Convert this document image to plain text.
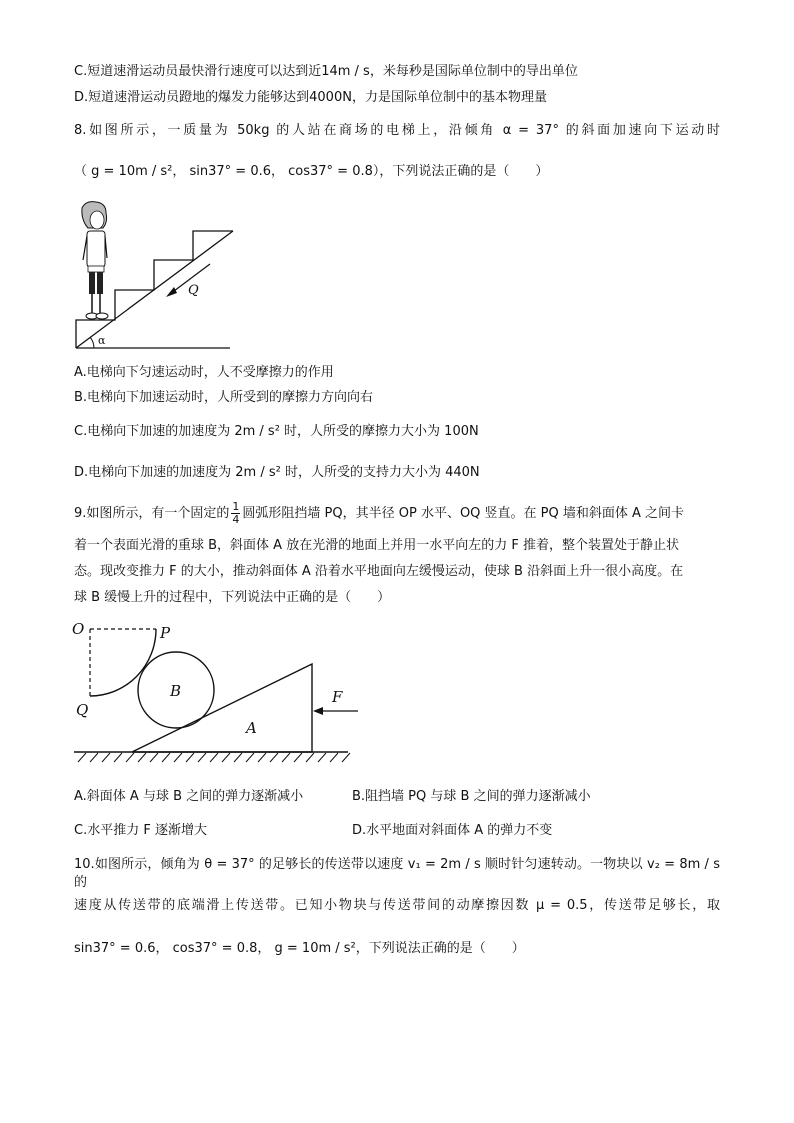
C.短道速滑运动员最快滑行速度可以达到近14m / s，米每秒是国际单位制中的导出单位
D.短道速滑运动员蹬地的爆发力能够达到4000N，力是国际单位制中的基本物理量
8.如图所示，一质量为 50kg 的人站在商场的电梯上，沿倾角 α = 37° 的斜面加速向下运动时
（ g = 10m / s²， sin37° = 0.6， cos37° = 0.8），下列说法正确的是（　　）
Q
α
A.电梯向下匀速运动时，人不受摩擦力的作用
B.电梯向下加速运动时，人所受到的摩擦力方向向右
C.电梯向下加速的加速度为 2m / s² 时，人所受的摩擦力大小为 100N
D.电梯向下加速的加速度为 2m / s² 时，人所受的支持力大小为 440N
9.如图所示，有一个固定的 $\frac{1}{4}$ 圆弧形阻挡墙 PQ，其半径 OP 水平、OQ 竖直。在 PQ 墙和斜面体 A 之间卡
着一个表面光滑的重球 B，斜面体 A 放在光滑的地面上并用一水平向左的力 F 推着，整个装置处于静止状
态。现改变推力 F 的大小，推动斜面体 A 沿着水平地面向左缓慢运动，使球 B 沿斜面上升一很小高度。在
球 B 缓慢上升的过程中，下列说法中正确的是（　　）
O	P
Q
B
A
F
A.斜面体 A 与球 B 之间的弹力逐渐减小	B.阻挡墙 PQ 与球 B 之间的弹力逐渐减小
C.水平推力 F 逐渐增大	D.水平地面对斜面体 A 的弹力不变
10.如图所示，倾角为 θ = 37° 的足够长的传送带以速度 v₁ = 2m / s 顺时针匀速转动。一物块以 v₂ = 8m / s 的
速度从传送带的底端滑上传送带。已知小物块与传送带间的动摩擦因数 μ = 0.5，传送带足够长，取
sin37° = 0.6， cos37° = 0.8， g = 10m / s²，下列说法正确的是（　　）
